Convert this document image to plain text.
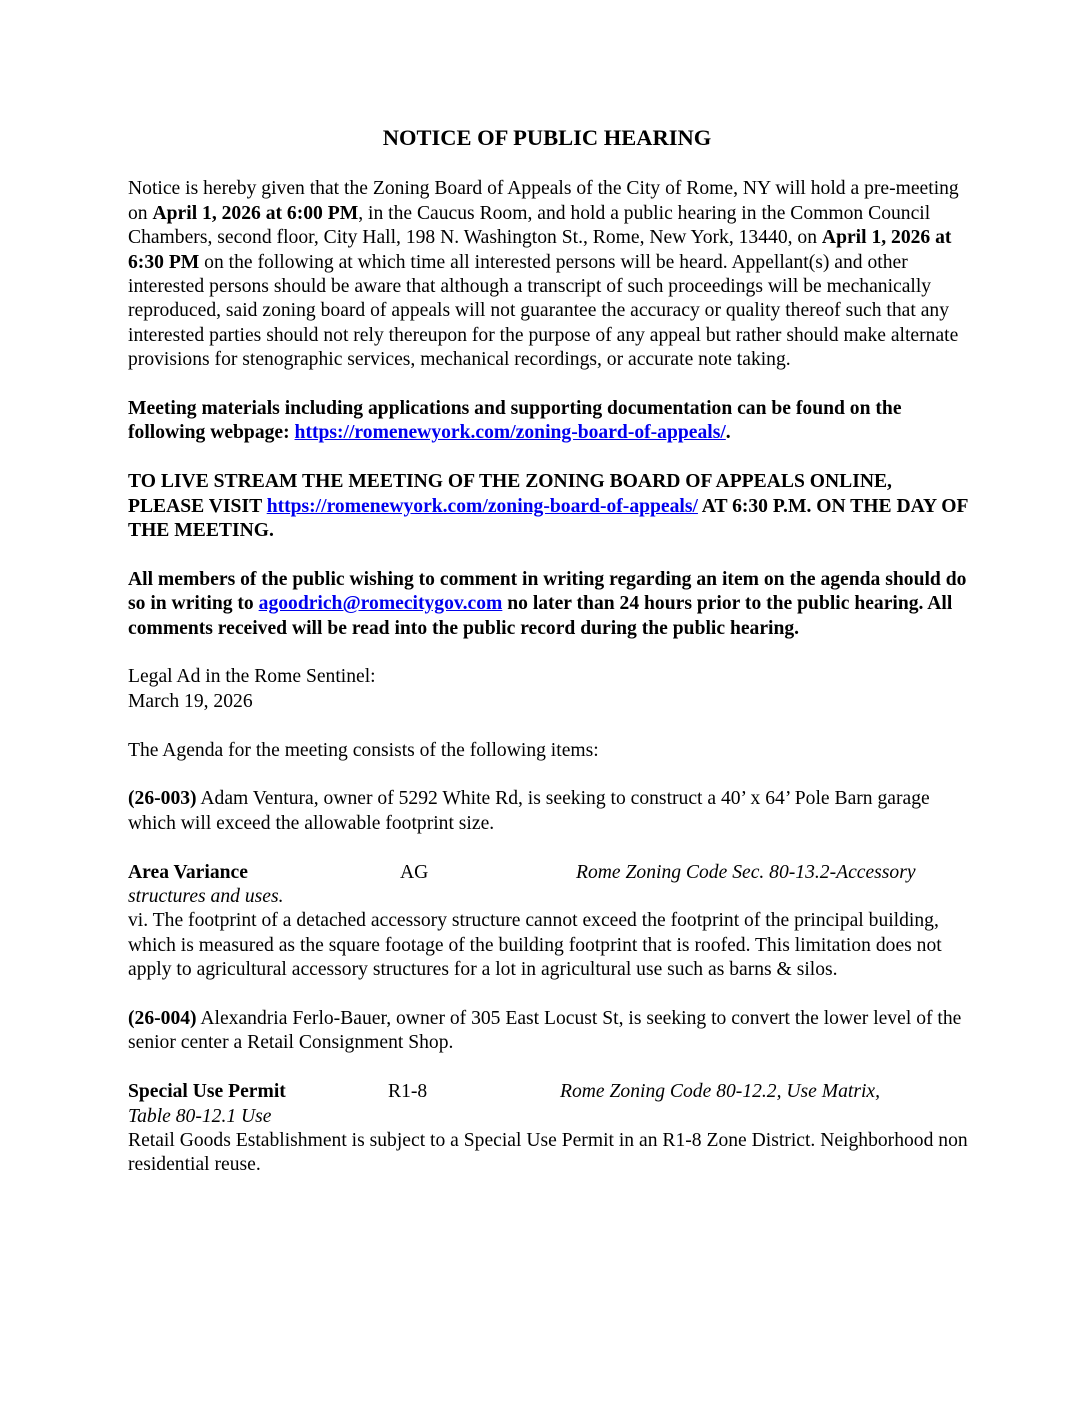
NOTICE OF PUBLIC HEARING

Notice is hereby given that the Zoning Board of Appeals of the City of Rome, NY will hold a pre-meeting on April 1, 2026 at 6:00 PM, in the Caucus Room, and hold a public hearing in the Common Council Chambers, second floor, City Hall, 198 N. Washington St., Rome, New York, 13440, on April 1, 2026 at 6:30 PM on the following at which time all interested persons will be heard. Appellant(s) and other interested persons should be aware that although a transcript of such proceedings will be mechanically reproduced, said zoning board of appeals will not guarantee the accuracy or quality thereof such that any interested parties should not rely thereupon for the purpose of any appeal but rather should make alternate provisions for stenographic services, mechanical recordings, or accurate note taking.

Meeting materials including applications and supporting documentation can be found on the following webpage: https://romenewyork.com/zoning-board-of-appeals/.

TO LIVE STREAM THE MEETING OF THE ZONING BOARD OF APPEALS ONLINE, PLEASE VISIT https://romenewyork.com/zoning-board-of-appeals/ AT 6:30 P.M. ON THE DAY OF THE MEETING.

All members of the public wishing to comment in writing regarding an item on the agenda should do so in writing to agoodrich@romecitygov.com no later than 24 hours prior to the public hearing. All comments received will be read into the public record during the public hearing.

Legal Ad in the Rome Sentinel:

March 19, 2026

The Agenda for the meeting consists of the following items:

(26-003) Adam Ventura, owner of 5292 White Rd, is seeking to construct a 40’ x 64’ Pole Barn garage which will exceed the allowable footprint size.

Area Variance	AG	Rome Zoning Code Sec. 80-13.2-Accessory

structures and uses.

vi. The footprint of a detached accessory structure cannot exceed the footprint of the principal building, which is measured as the square footage of the building footprint that is roofed. This limitation does not apply to agricultural accessory structures for a lot in agricultural use such as barns & silos.

(26-004) Alexandria Ferlo-Bauer, owner of 305 East Locust St, is seeking to convert the lower level of the senior center a Retail Consignment Shop.

Special Use Permit	R1-8	Rome Zoning Code 80-12.2, Use Matrix,

Table 80-12.1 Use

Retail Goods Establishment is subject to a Special Use Permit in an R1-8 Zone District. Neighborhood non residential reuse.
